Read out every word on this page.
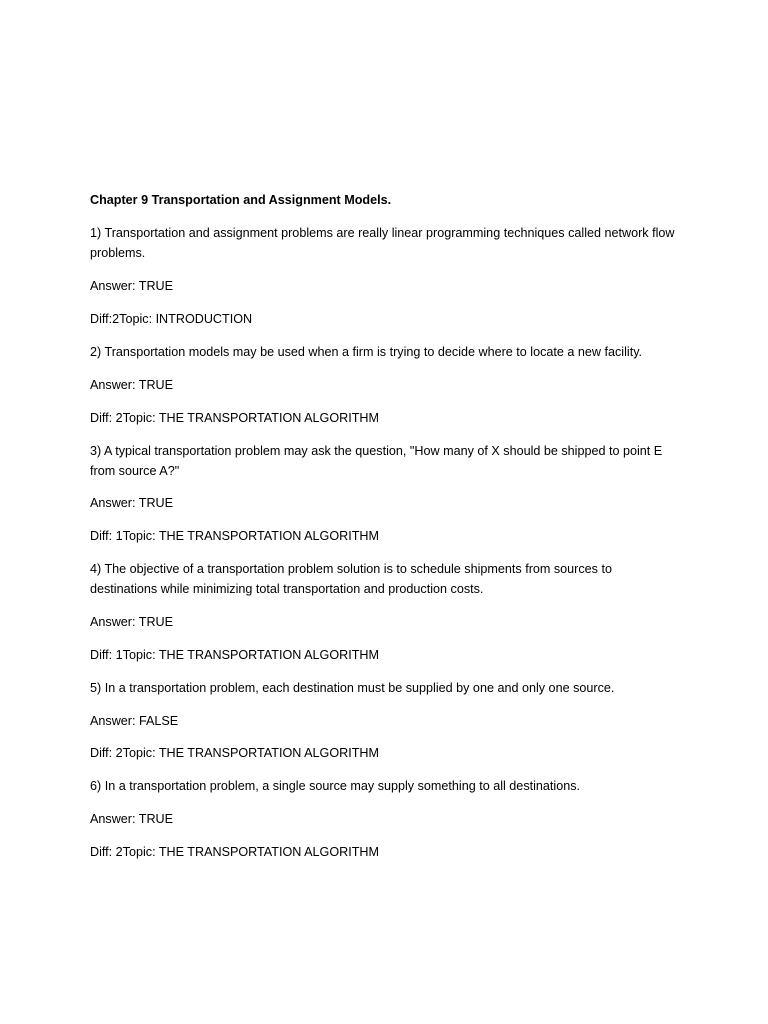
Chapter 9 Transportation and Assignment Models.

1) Transportation and assignment problems are really linear programming techniques called network flow problems.

Answer: TRUE

Diff:2Topic: INTRODUCTION

2) Transportation models may be used when a firm is trying to decide where to locate a new facility.

Answer: TRUE

Diff: 2Topic: THE TRANSPORTATION ALGORITHM

3) A typical transportation problem may ask the question, "How many of X should be shipped to point E from source A?"

Answer: TRUE

Diff: 1Topic: THE TRANSPORTATION ALGORITHM

4) The objective of a transportation problem solution is to schedule shipments from sources to destinations while minimizing total transportation and production costs.

Answer: TRUE

Diff: 1Topic: THE TRANSPORTATION ALGORITHM

5) In a transportation problem, each destination must be supplied by one and only one source.

Answer: FALSE

Diff: 2Topic: THE TRANSPORTATION ALGORITHM

6) In a transportation problem, a single source may supply something to all destinations.

Answer: TRUE

Diff: 2Topic: THE TRANSPORTATION ALGORITHM
